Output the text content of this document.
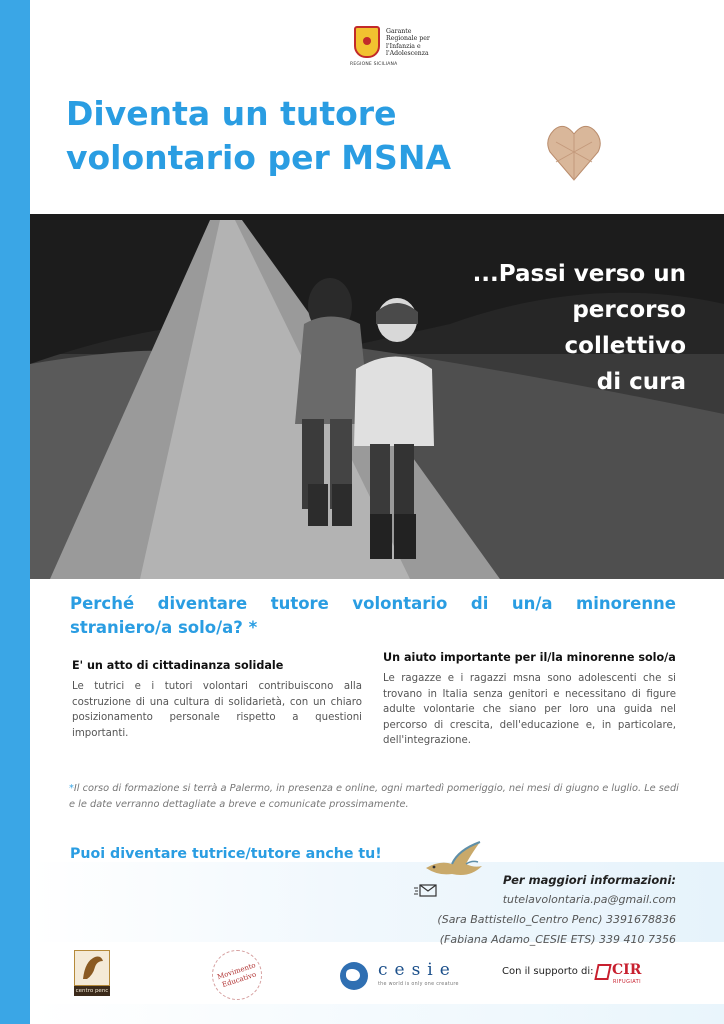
Garante
Regionale per
l'Infanzia e
l'Adolescenza
REGIONE SICILIANA
Diventa un tutore
volontario per MSNA
...Passi verso un
percorso
collettivo
di cura
Perché diventare tutore volontario di un/a minorenne straniero/a solo/a? *
E' un atto di cittadinanza solidale

Le tutrici e i tutori volontari contribuiscono alla costruzione di una cultura di solidarietà, con un chiaro posizionamento personale rispetto a questioni importanti.

Un aiuto importante per il/la minorenne solo/a

Le ragazze e i ragazzi msna sono adolescenti che si trovano in Italia senza genitori e necessitano di figure adulte volontarie che siano per loro una guida nel percorso di crescita, dell'educazione e, in particolare, dell'integrazione.

*Il corso di formazione si terrà a Palermo, in presenza e online, ogni martedì pomeriggio, nei mesi di giugno e luglio. Le sedi e le date verranno dettagliate a breve e comunicate prossimamente.
Puoi diventare tutrice/tutore anche tu!
Per maggiori informazioni:
tutelavolontaria.pa@gmail.com
(Sara Battistello_Centro Penc) 3391678836
(Fabiana Adamo_CESIE ETS) 339 410 7356
centro penc
Movimento
Educativo	cesie
the world is only one creature
Con il supporto di: CIR
RIFUGIATI
